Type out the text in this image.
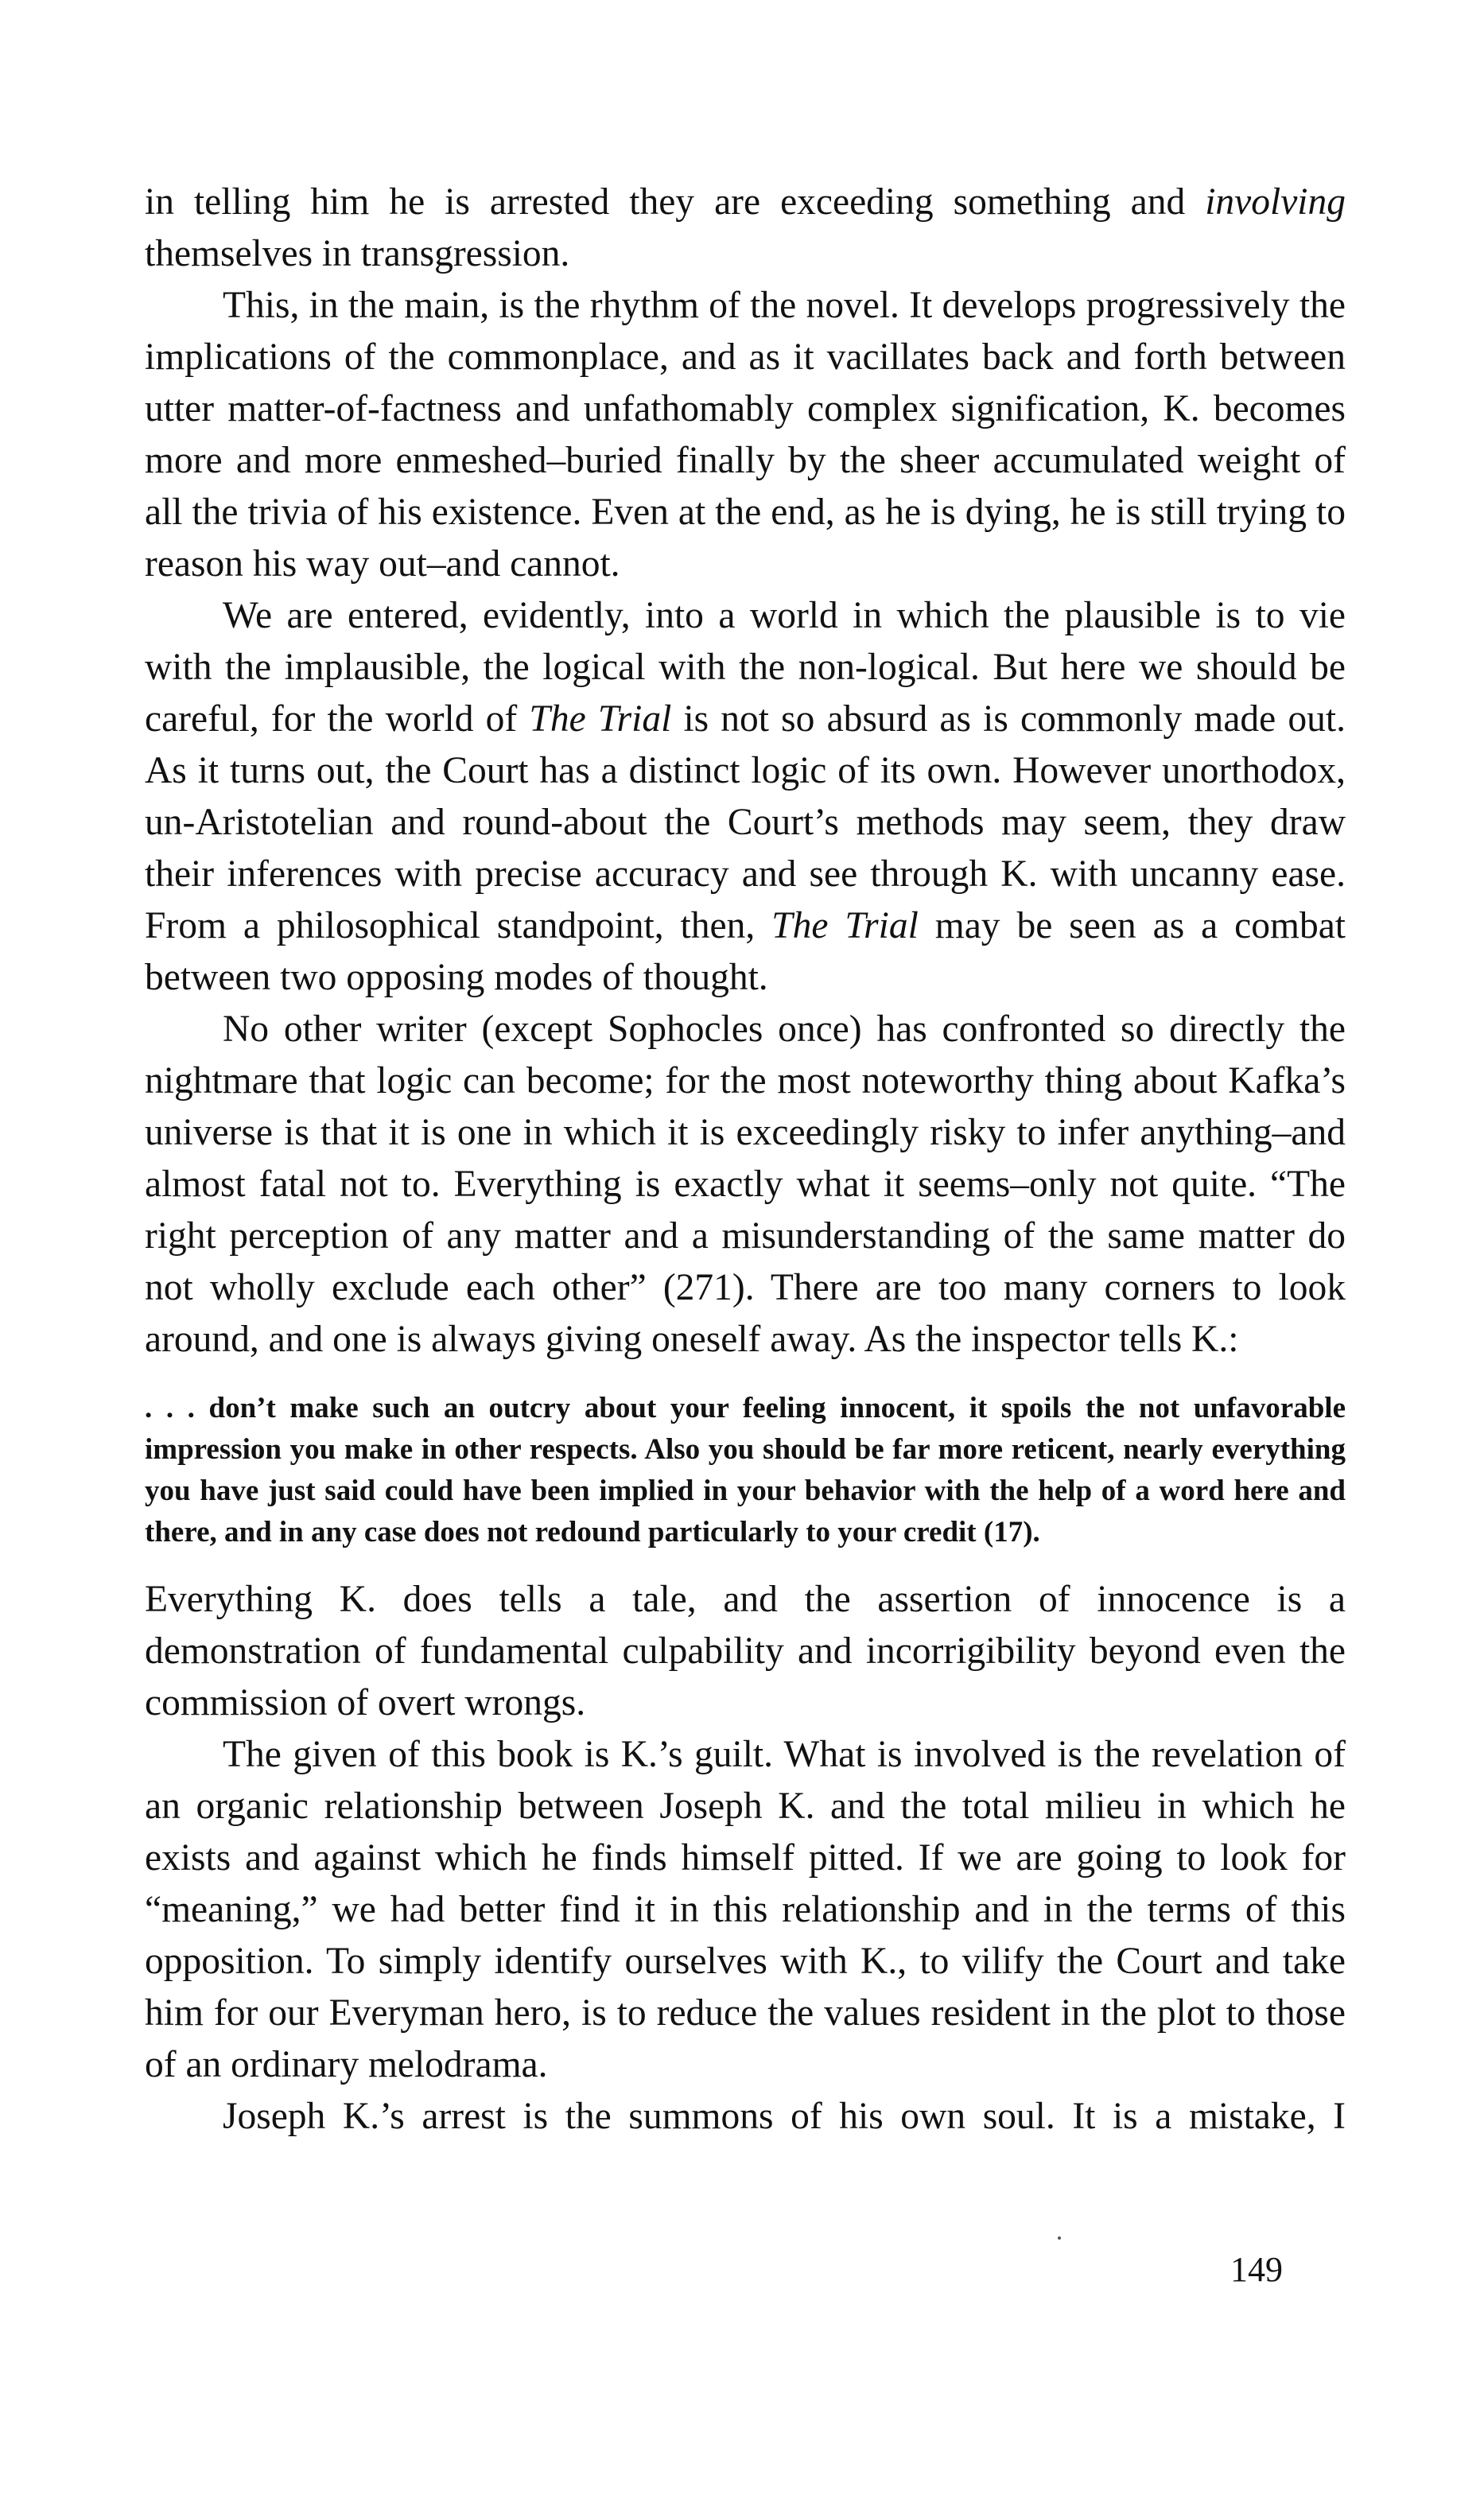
in telling him he is arrested they are exceeding something and involving themselves in transgression.

This, in the main, is the rhythm of the novel. It develops progressively the implications of the commonplace, and as it vacillates back and forth between utter matter-of-factness and unfathomably complex signification, K. becomes more and more enmeshed–buried finally by the sheer accumulated weight of all the trivia of his existence. Even at the end, as he is dying, he is still trying to reason his way out–and cannot.

We are entered, evidently, into a world in which the plausible is to vie with the implausible, the logical with the non-logical. But here we should be careful, for the world of The Trial is not so absurd as is commonly made out. As it turns out, the Court has a distinct logic of its own. However unorthodox, un-Aristotelian and round-about the Court’s methods may seem, they draw their inferences with precise accuracy and see through K. with uncanny ease. From a philosophical standpoint, then, The Trial may be seen as a combat between two opposing modes of thought.

No other writer (except Sophocles once) has confronted so directly the nightmare that logic can become; for the most noteworthy thing about Kafka’s universe is that it is one in which it is exceedingly risky to infer anything–and almost fatal not to. Everything is exactly what it seems–only not quite. “The right perception of any matter and a misunderstanding of the same matter do not wholly exclude each other” (271). There are too many corners to look around, and one is always giving oneself away. As the inspector tells K.:

. . . don’t make such an outcry about your feeling innocent, it spoils the not unfavorable impression you make in other respects. Also you should be far more reticent, nearly everything you have just said could have been implied in your behavior with the help of a word here and there, and in any case does not redound particularly to your credit (17).

Everything K. does tells a tale, and the assertion of innocence is a demonstration of fundamental culpability and incorrigibility beyond even the commission of overt wrongs.

The given of this book is K.’s guilt. What is involved is the revelation of an organic relationship between Joseph K. and the total milieu in which he exists and against which he finds himself pitted. If we are going to look for “meaning,” we had better find it in this relationship and in the terms of this opposition. To simply identify ourselves with K., to vilify the Court and take him for our Everyman hero, is to reduce the values resident in the plot to those of an ordinary melodrama.

Joseph K.’s arrest is the summons of his own soul. It is a mistake, I

149
